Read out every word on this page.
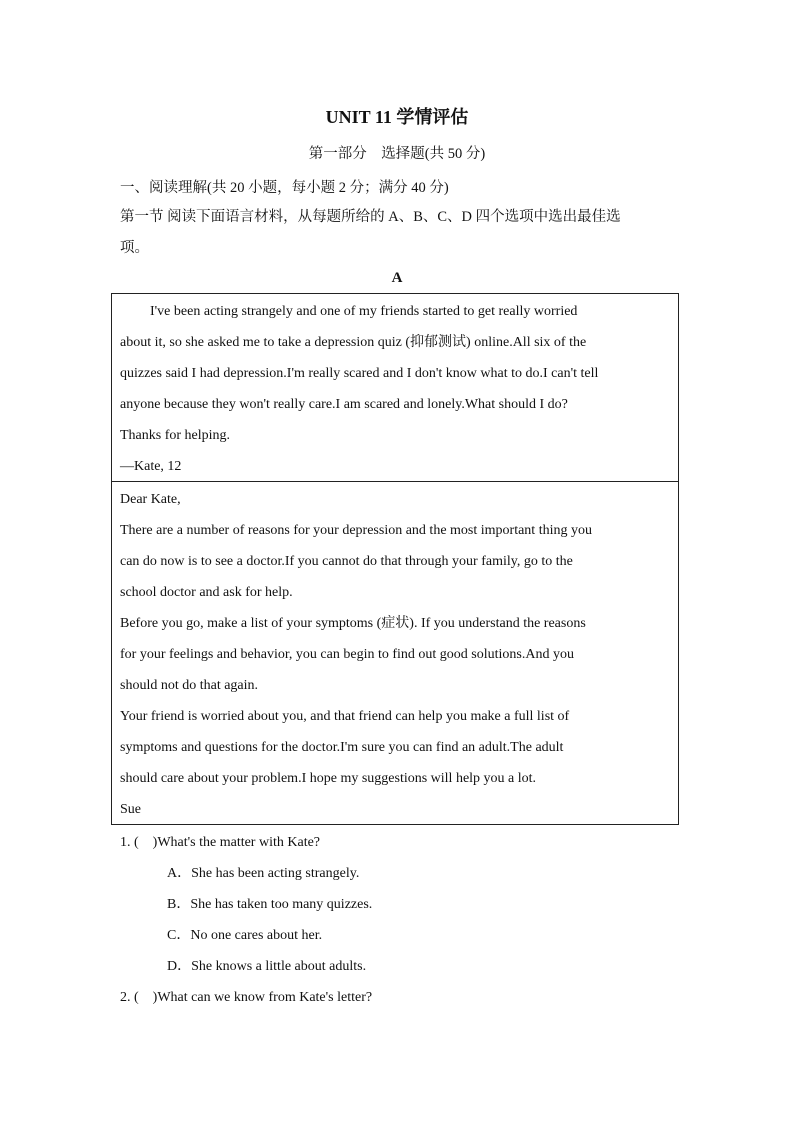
UNIT 11 学情评估
第一部分　选择题(共 50 分)
一、阅读理解(共 20 小题，每小题 2 分；满分 40 分)
第一节 阅读下面语言材料，从每题所给的 A、B、C、D 四个选项中选出最佳选
项。
A
I've been acting strangely and one of my friends started to get really worried
about it, so she asked me to take a depression quiz (抑郁测试) online.All six of the
quizzes said I had depression.I'm really scared and I don't know what to do.I can't tell
anyone because they won't really care.I am scared and lonely.What should I do?
Thanks for helping.
—Kate, 12
Dear Kate,
There are a number of reasons for your depression and the most important thing you
can do now is to see a doctor.If you cannot do that through your family, go to the
school doctor and ask for help.
Before you go, make a list of your symptoms (症状). If you understand the reasons
for your feelings and behavior, you can begin to find out good solutions.And you
should not do that again.
Your friend is worried about you, and that friend can help you make a full list of
symptoms and questions for the doctor.I'm sure you can find an adult.The adult
should care about your problem.I hope my suggestions will help you a lot.
Sue
1. (　)What's the matter with Kate?
A．She has been acting strangely.
B．She has taken too many quizzes.
C．No one cares about her.
D．She knows a little about adults.
2. (　)What can we know from Kate's letter?
